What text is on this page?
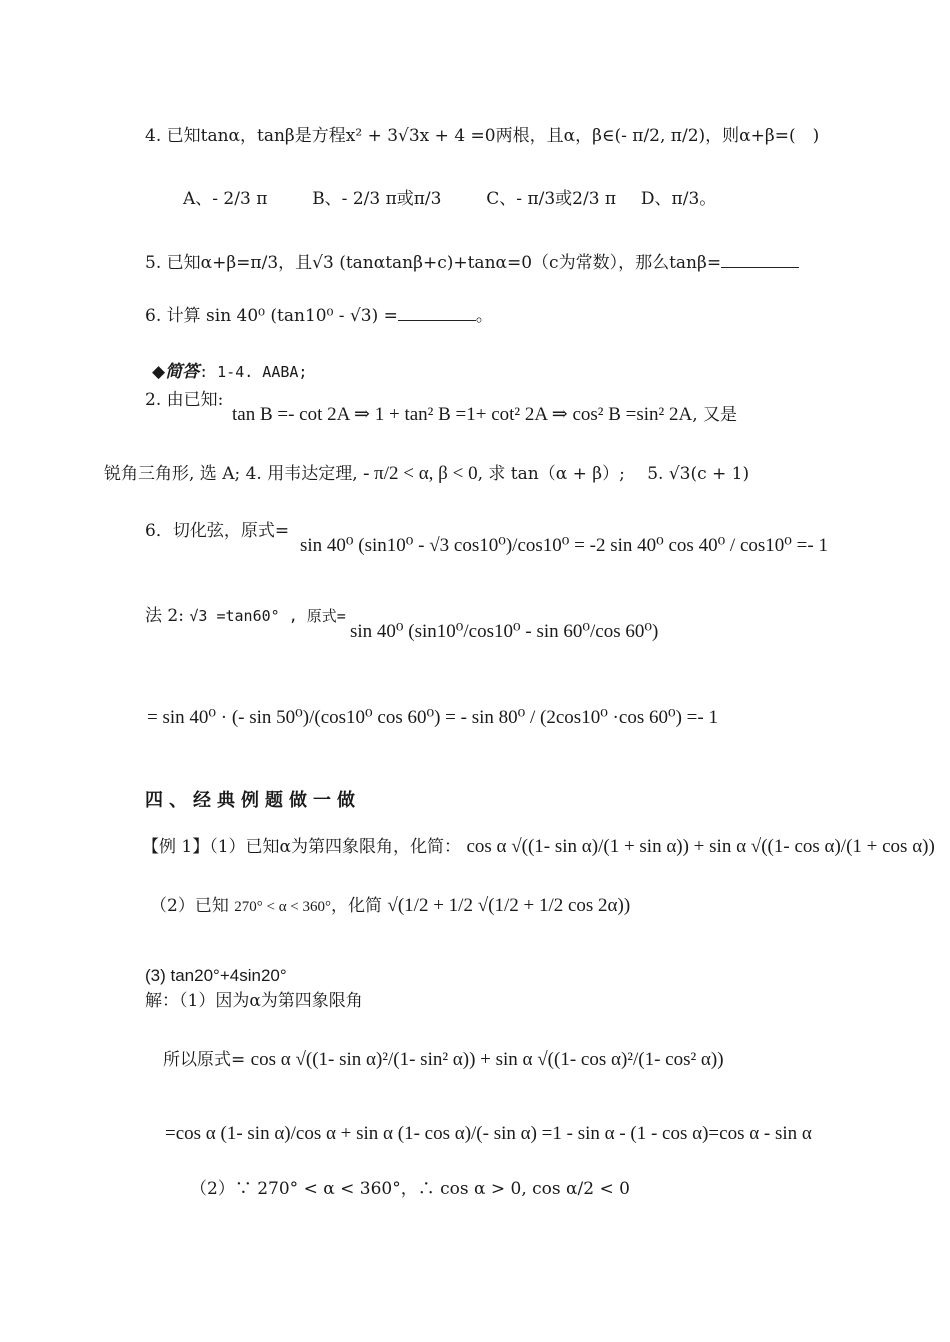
4. 已知tanα，tanβ是方程x² + 3√3x + 4 =0两根，且α，β∈(- π/2, π/2)，则α+β=(　)
A、- 2/3 π	B、- 2/3 π或π/3	C、- π/3或2/3 π D、π/3。
5. 已知α+β=π/3，且√3 (tanαtanβ+c)+tanα=0（c为常数），那么tanβ=
6. 计算 sin 40⁰ (tan10⁰ - √3) =	。
◆简答: 1-4. AABA;
2. 由已知:
tan B =- cot 2A ⇒ 1 + tan² B =1+ cot² 2A ⇒ cos² B =sin² 2A, 又是
锐角三角形, 选 A; 4. 用韦达定理, - π/2 < α, β < 0, 求 tan（α + β）;　 5. √3(c + 1)
6．切化弦，原式=
sin 40⁰ (sin10⁰ - √3 cos10⁰)/cos10⁰ = -2 sin 40⁰ cos 40⁰ / cos10⁰ =- 1
法 2: √3 =tan60° , 原式=
sin 40⁰ (sin10⁰/cos10⁰ - sin 60⁰/cos 60⁰)
= sin 40⁰ · (- sin 50⁰)/(cos10⁰ cos 60⁰) = - sin 80⁰ / (2cos10⁰ ·cos 60⁰) =- 1
四、经典例题做一做
【例 1】（1）已知α为第四象限角，化简： cos α √((1- sin α)/(1 + sin α)) + sin α √((1- cos α)/(1 + cos α))
（2）已知 270° < α < 360°，化简 √(1/2 + 1/2 √(1/2 + 1/2 cos 2α))
(3) tan20°+4sin20°
解：（1）因为α为第四象限角
所以原式= cos α √((1- sin α)²/(1- sin² α)) + sin α √((1- cos α)²/(1- cos² α))
=cos α (1- sin α)/cos α + sin α (1- cos α)/(- sin α) =1 - sin α - (1 - cos α)=cos α - sin α
（2）∵ 270° < α < 360°，∴ cos α > 0, cos α/2 < 0
